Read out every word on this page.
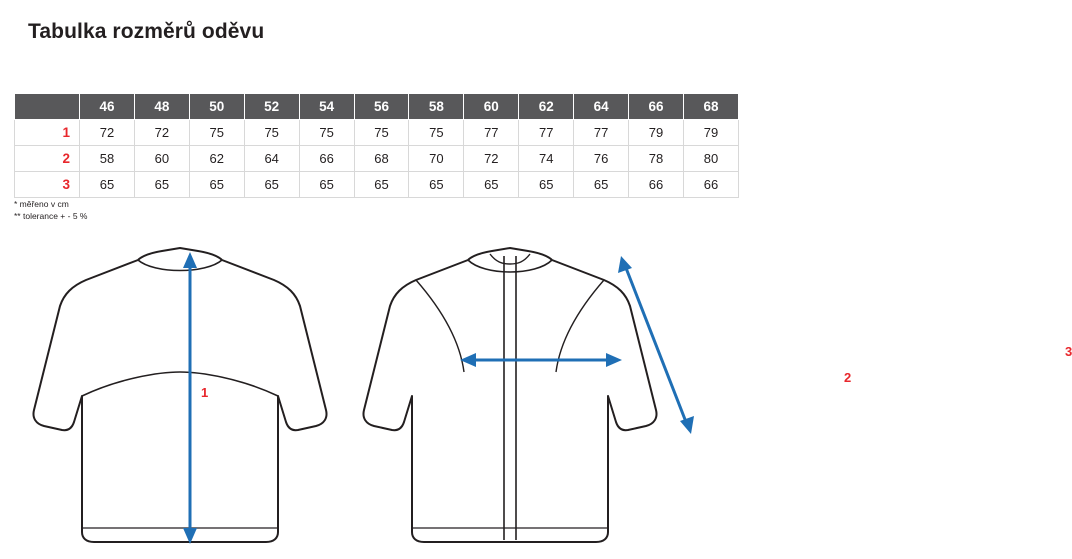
Tabulka rozměrů oděvu
	46	48	50	52	54	56	58	60	62	64	66	68
1	72	72	75	75	75	75	75	77	77	77	79	79
2	58	60	62	64	66	68	70	72	74	76	78	80
3	65	65	65	65	65	65	65	65	65	65	66	66
* měřeno v cm
** tolerance + - 5 %
1
2
3
